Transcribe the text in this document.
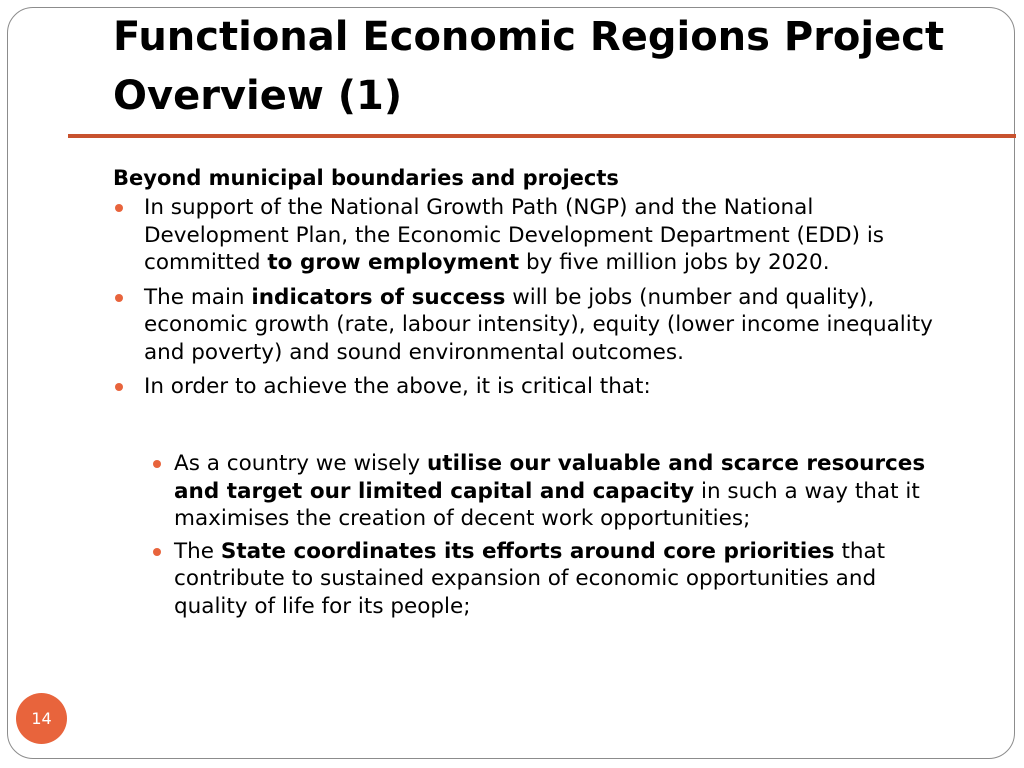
Functional Economic Regions Project
Overview (1)

Beyond municipal boundaries and projects

In support of the National Growth Path (NGP) and the National Development Plan, the Economic Development Department (EDD) is committed to grow employment by five million jobs by 2020.
The main indicators of success will be jobs (number and quality), economic growth (rate, labour intensity), equity (lower income inequality and poverty) and sound environmental outcomes.
In order to achieve the above, it is critical that:
As a country we wisely utilise our valuable and scarce resources and target our limited capital and capacity in such a way that it maximises the creation of decent work opportunities;
The State coordinates its efforts around core priorities that contribute to sustained expansion of economic opportunities and quality of life for its people;
14
